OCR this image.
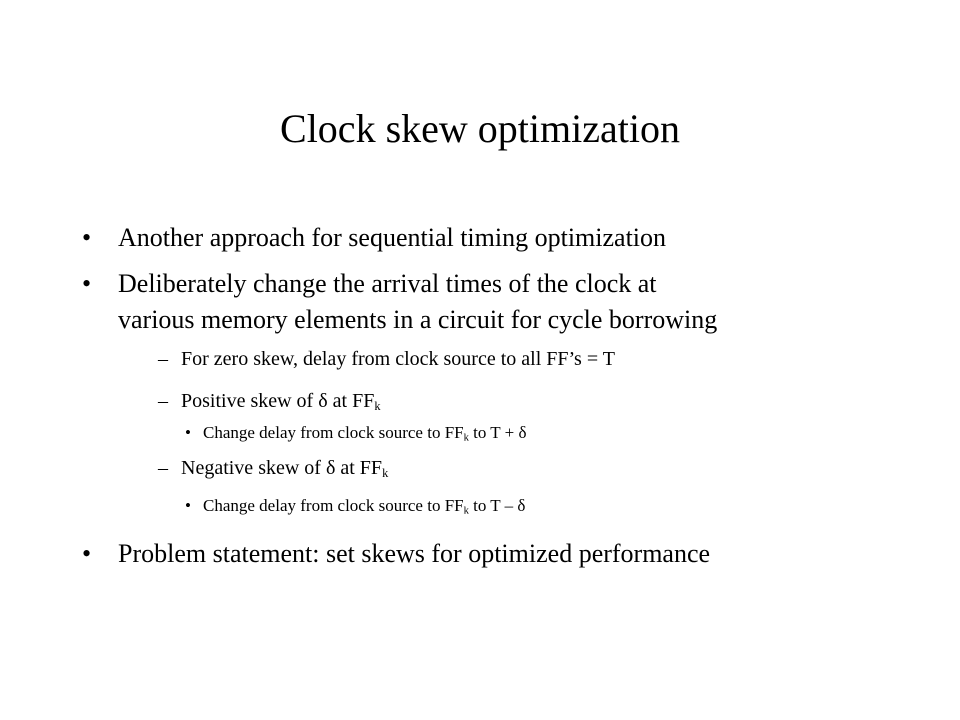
Clock skew optimization
• Another approach for sequential timing optimization
• Deliberately change the arrival times of the clock at
various memory elements in a circuit for cycle borrowing
– For zero skew, delay from clock source to all FF’s = T
– Positive skew of δ at $FF_k$
• Change delay from clock source to $FF_k$ to T + δ
– Negative skew of δ at $FF_k$
• Change delay from clock source to $FF_k$ to T – δ
• Problem statement: set skews for optimized performance
